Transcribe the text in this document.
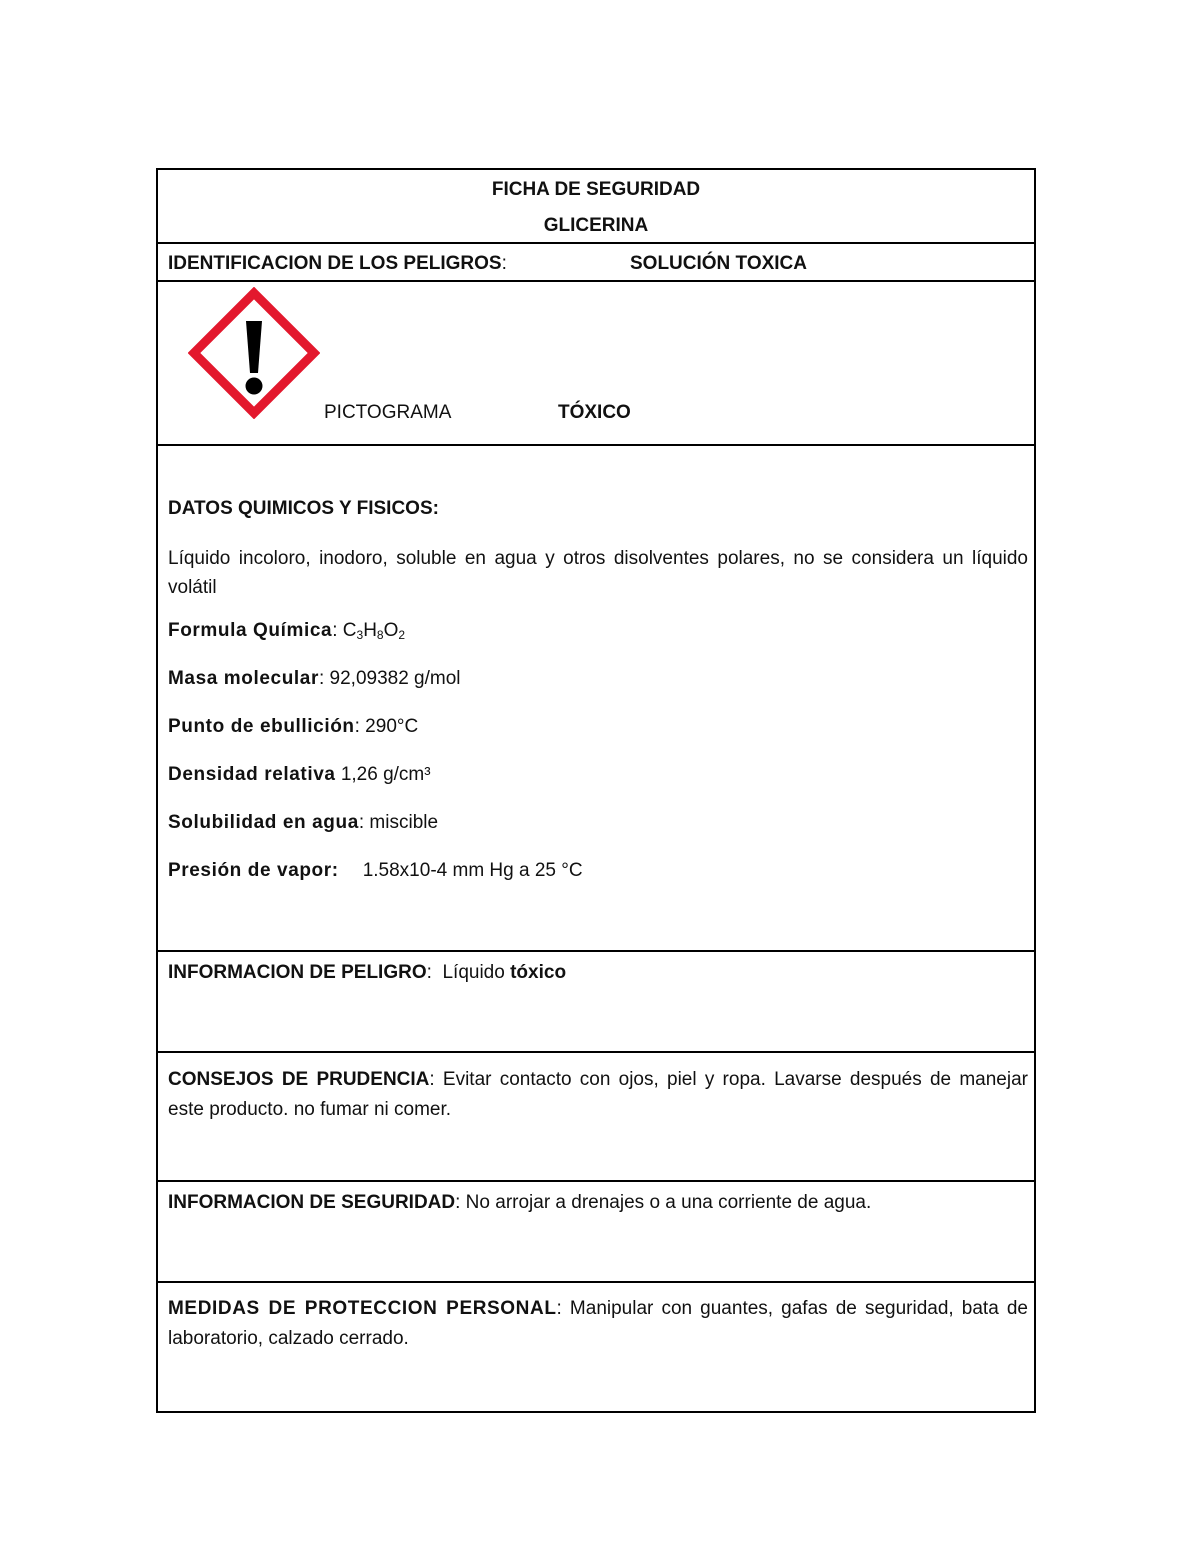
FICHA DE SEGURIDAD
GLICERINA
IDENTIFICACION DE LOS PELIGROS:	SOLUCIÓN TOXICA
PICTOGRAMA	TÓXICO
DATOS QUIMICOS Y FISICOS:
Líquido incoloro, inodoro, soluble en agua y otros disolventes polares, no se considera un líquido volátil
Formula Química: $C_3H_8O_2$
Masa molecular: 92,09382 g/mol
Punto de ebullición: 290°C
Densidad relativa 1,26 g/cm³
Solubilidad en agua: miscible
Presión de vapor: 1.58x10-4 mm Hg a 25 °C
INFORMACION DE PELIGRO:  Líquido tóxico
CONSEJOS DE PRUDENCIA: Evitar contacto con ojos, piel y ropa. Lavarse después de manejar este producto. no fumar ni comer.
INFORMACION DE SEGURIDAD: No arrojar a drenajes o a una corriente de agua.
MEDIDAS DE PROTECCION PERSONAL: Manipular con guantes, gafas de seguridad, bata de laboratorio, calzado cerrado.
